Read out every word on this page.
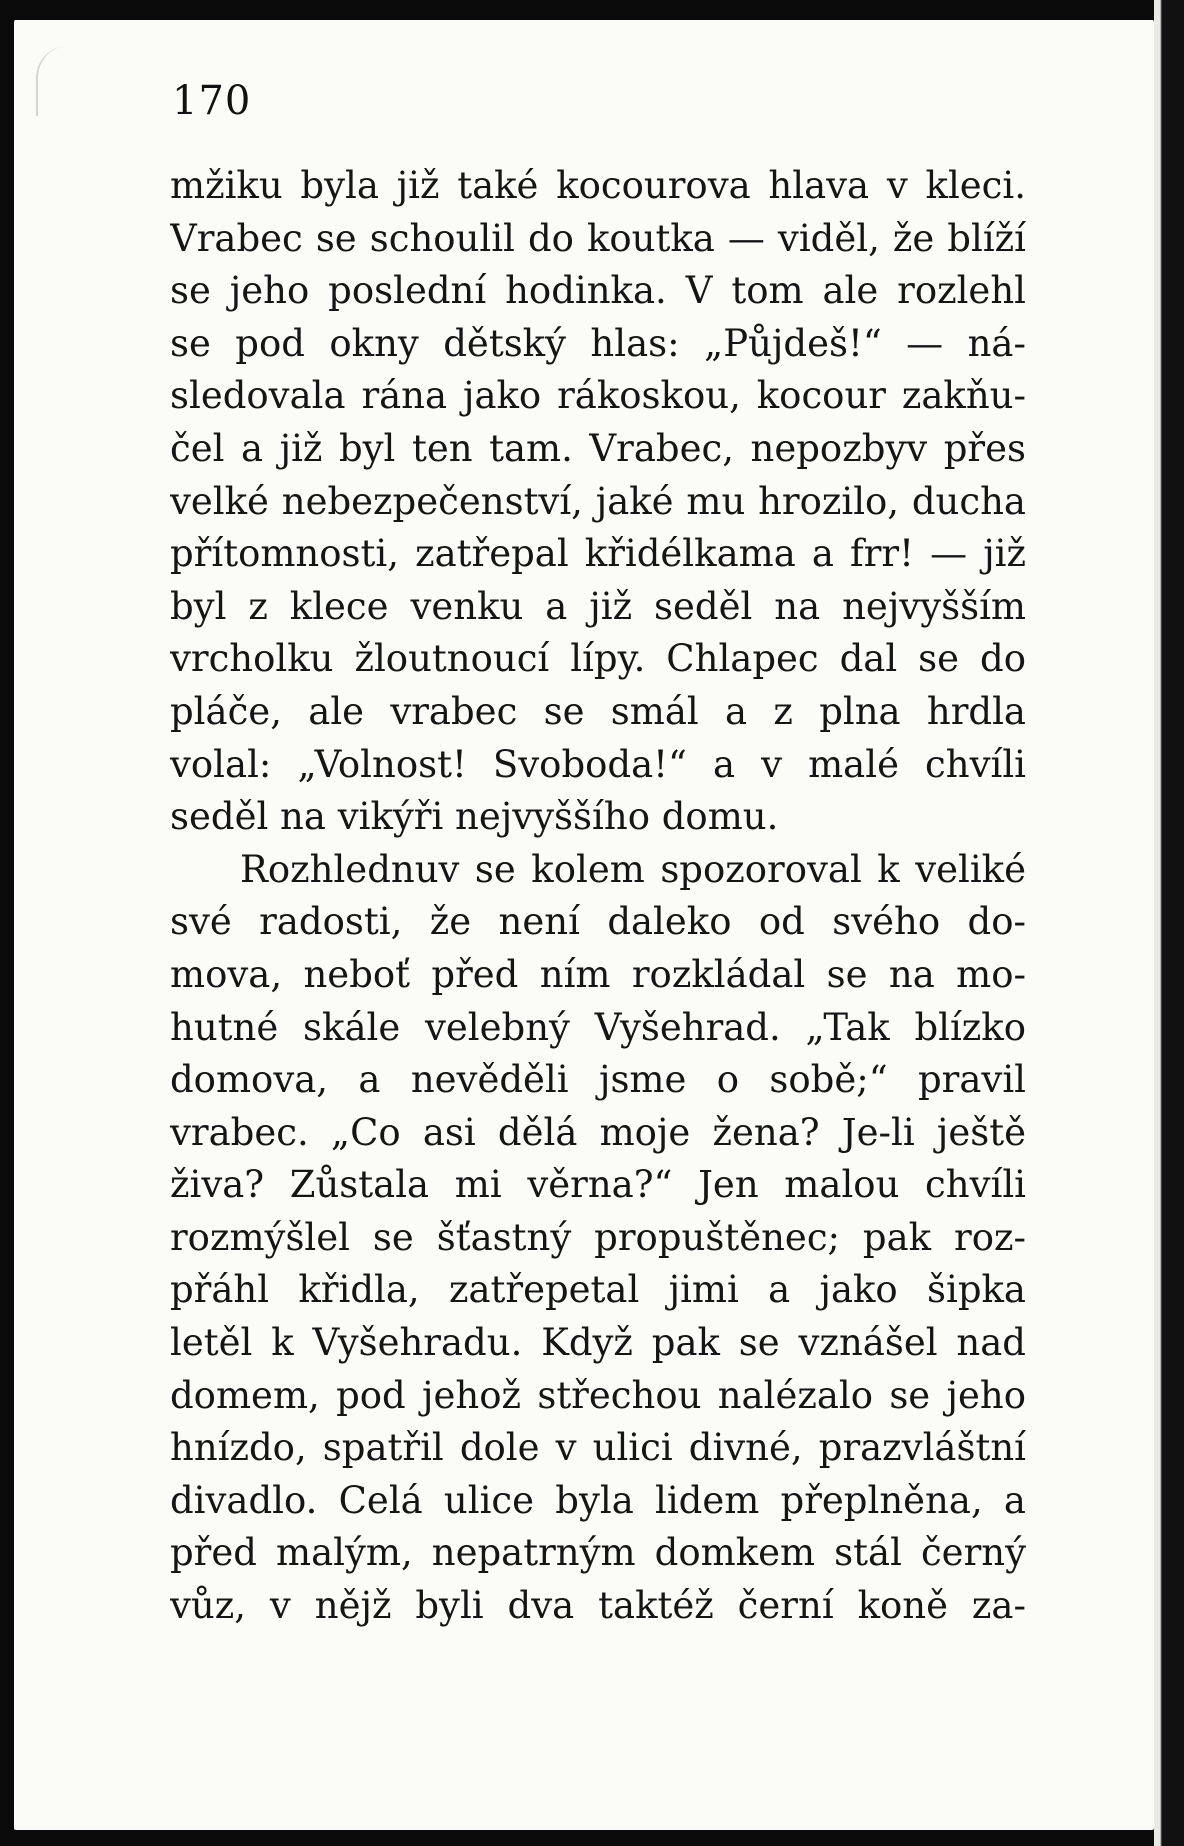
170
mžiku byla již také kocourova hlava v kleci.
Vrabec se schoulil do koutka — viděl, že blíží
se jeho poslední hodinka. V tom ale rozlehl
se pod okny dětský hlas: „Půjdeš!“ — ná-
sledovala rána jako rákoskou, kocour zakňu-
čel a již byl ten tam. Vrabec, nepozbyv přes
velké nebezpečenství, jaké mu hrozilo, ducha
přítomnosti, zatřepal křidélkama a frr! — již
byl z klece venku a již seděl na nejvyšším
vrcholku žloutnoucí lípy. Chlapec dal se do
pláče, ale vrabec se smál a z plna hrdla
volal: „Volnost! Svoboda!“ a v malé chvíli
seděl na vikýři nejvyššího domu.
Rozhlednuv se kolem spozoroval k veliké
své radosti, že není daleko od svého do-
mova, neboť před ním rozkládal se na mo-
hutné skále velebný Vyšehrad. „Tak blízko
domova, a nevěděli jsme o sobě;“ pravil
vrabec. „Co asi dělá moje žena? Je-li ještě
živa? Zůstala mi věrna?“ Jen malou chvíli
rozmýšlel se šťastný propuštěnec; pak roz-
přáhl křidla, zatřepetal jimi a jako šipka
letěl k Vyšehradu. Když pak se vznášel nad
domem, pod jehož střechou nalézalo se jeho
hnízdo, spatřil dole v ulici divné, prazvláštní
divadlo. Celá ulice byla lidem přeplněna, a
před malým, nepatrným domkem stál černý
vůz, v nějž byli dva taktéž černí koně za-
